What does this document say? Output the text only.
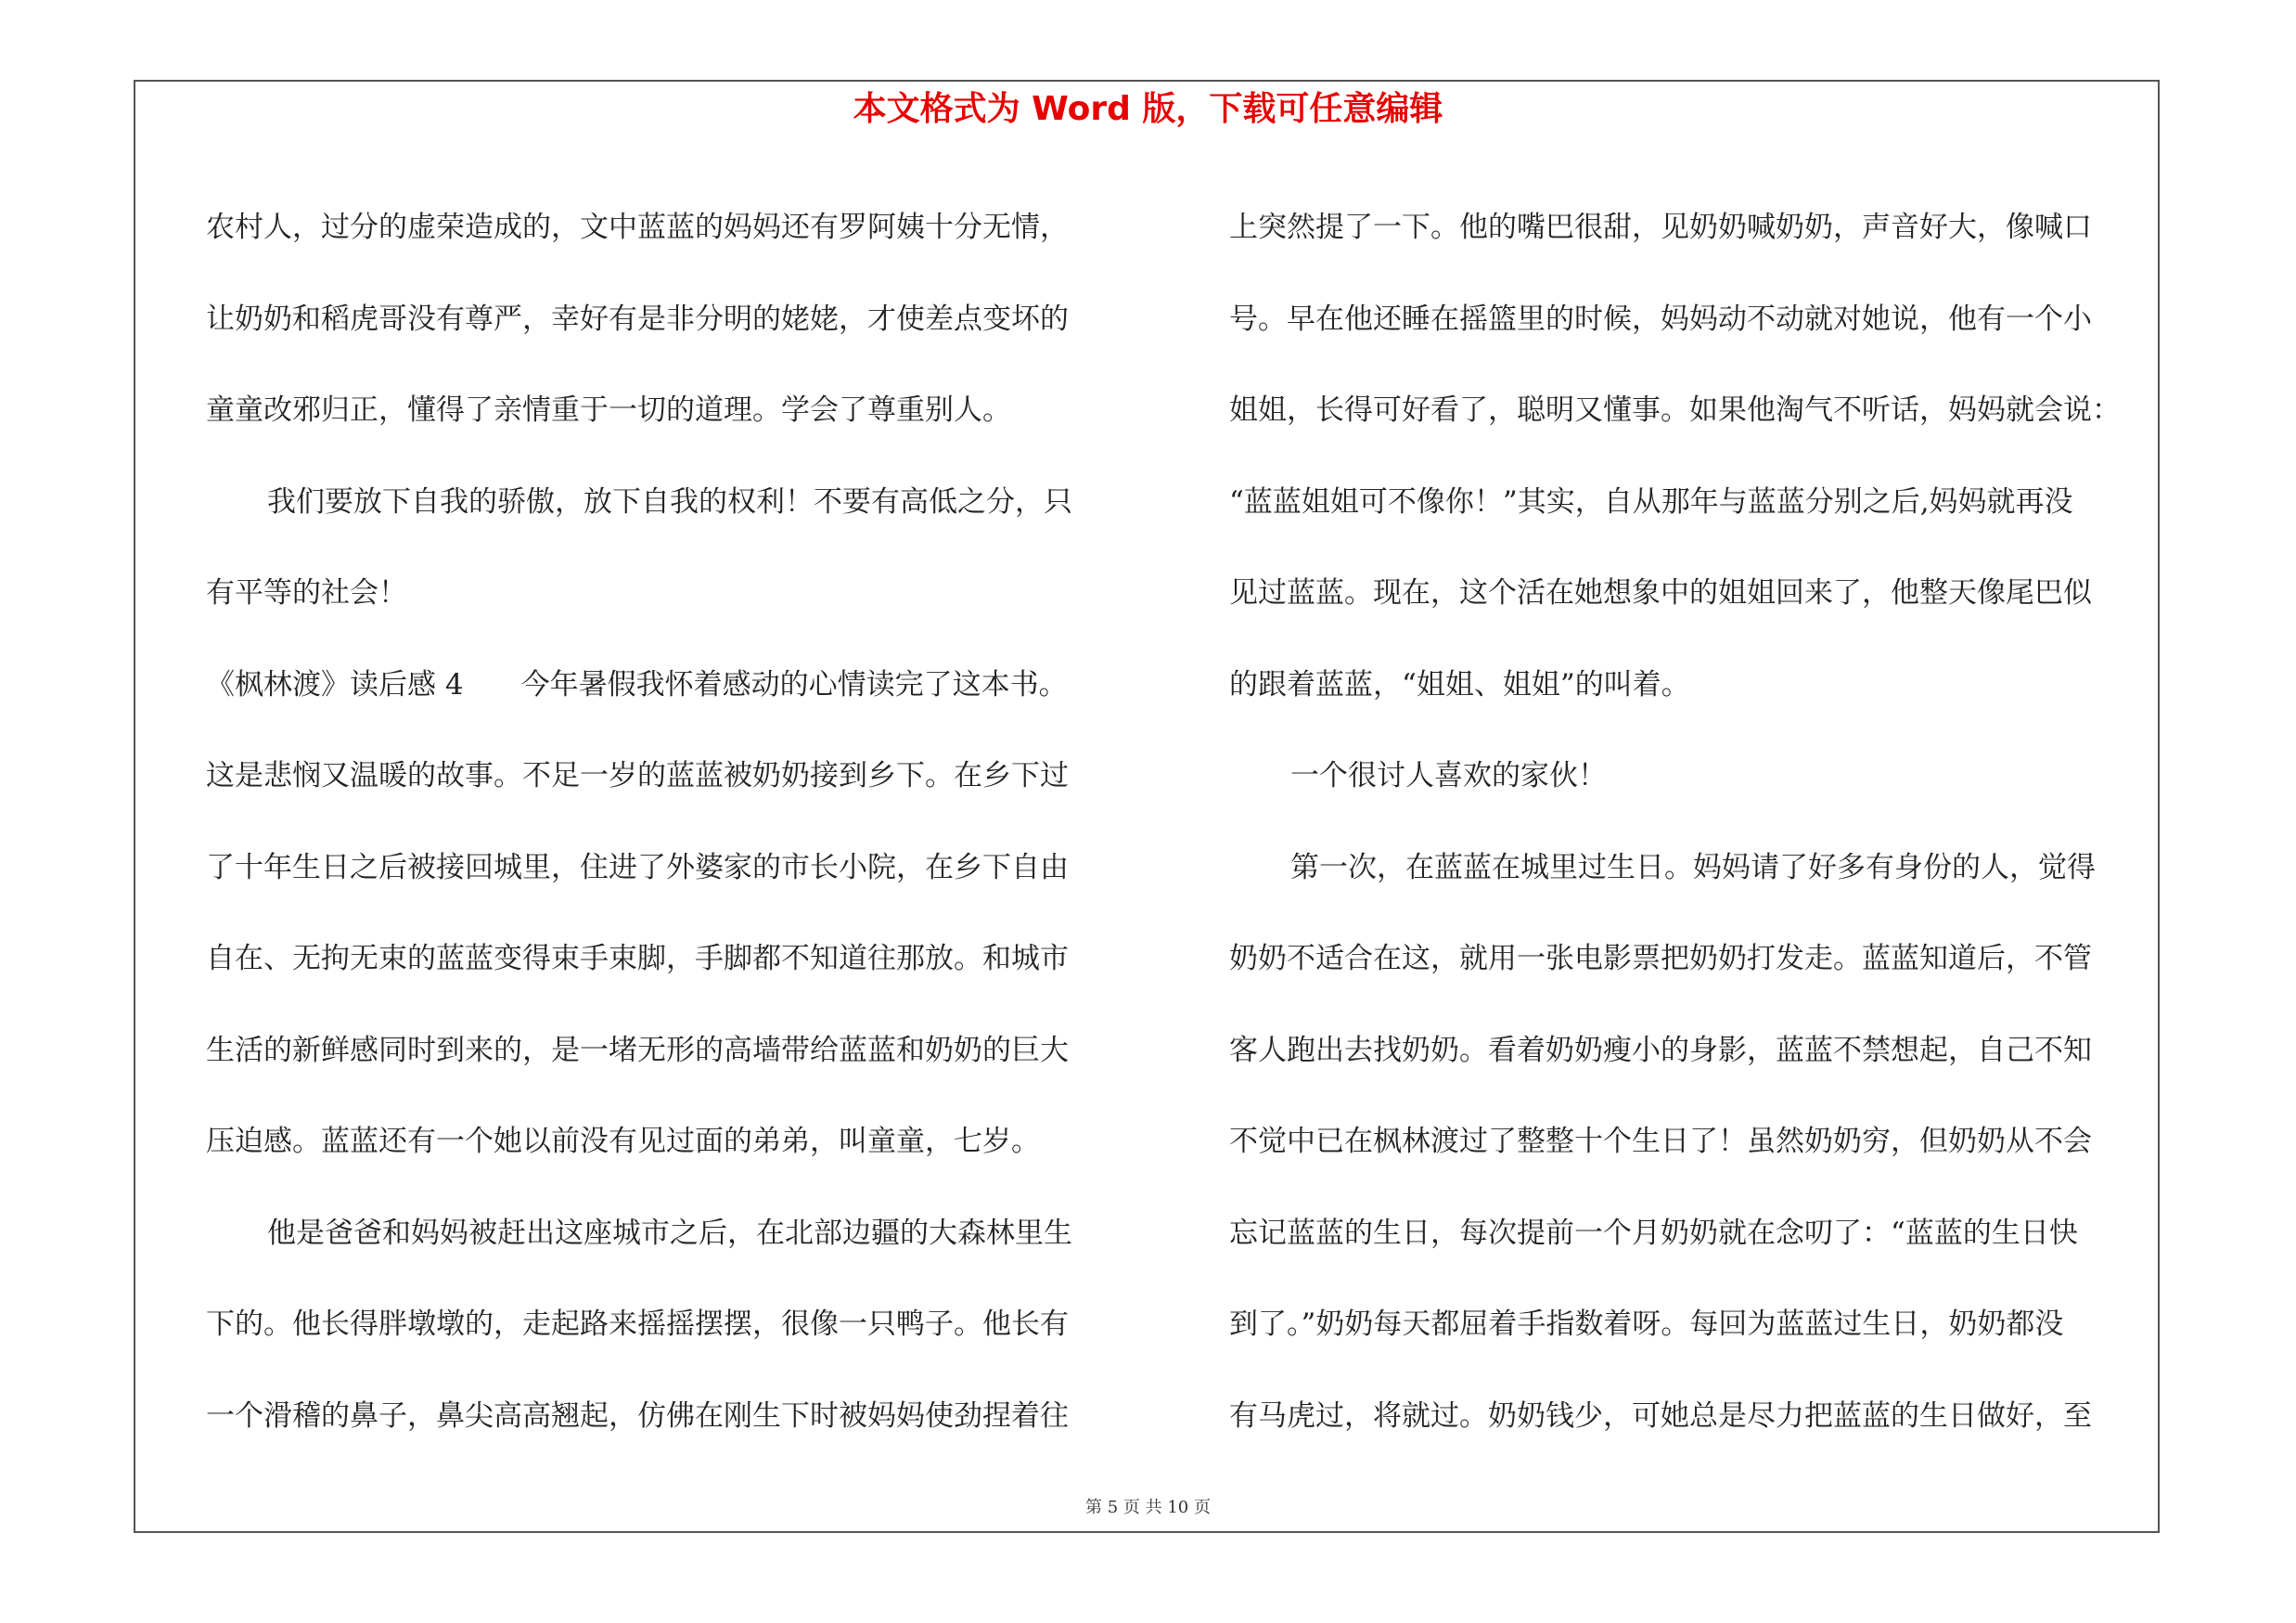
本文格式为 Word 版，下载可任意编辑
农村人，过分的虚荣造成的，文中蓝蓝的妈妈还有罗阿姨十分无情，
让奶奶和稻虎哥没有尊严，幸好有是非分明的姥姥，才使差点变坏的
童童改邪归正，懂得了亲情重于一切的道理。学会了尊重别人。
我们要放下自我的骄傲，放下自我的权利！不要有高低之分，只
有平等的社会！
《枫林渡》读后感 4　　今年暑假我怀着感动的心情读完了这本书。
这是悲悯又温暖的故事。不足一岁的蓝蓝被奶奶接到乡下。在乡下过
了十年生日之后被接回城里，住进了外婆家的市长小院，在乡下自由
自在、无拘无束的蓝蓝变得束手束脚，手脚都不知道往那放。和城市
生活的新鲜感同时到来的，是一堵无形的高墙带给蓝蓝和奶奶的巨大
压迫感。蓝蓝还有一个她以前没有见过面的弟弟，叫童童，七岁。
他是爸爸和妈妈被赶出这座城市之后，在北部边疆的大森林里生
下的。他长得胖墩墩的，走起路来摇摇摆摆，很像一只鸭子。他长有
一个滑稽的鼻子，鼻尖高高翘起，仿佛在刚生下时被妈妈使劲捏着往
上突然提了一下。他的嘴巴很甜，见奶奶喊奶奶，声音好大，像喊口
号。早在他还睡在摇篮里的时候，妈妈动不动就对她说，他有一个小
姐姐，长得可好看了，聪明又懂事。如果他淘气不听话，妈妈就会说：
“蓝蓝姐姐可不像你！”其实，自从那年与蓝蓝分别之后,妈妈就再没
见过蓝蓝。现在，这个活在她想象中的姐姐回来了，他整天像尾巴似
的跟着蓝蓝，“姐姐、姐姐”的叫着。
一个很讨人喜欢的家伙！
第一次，在蓝蓝在城里过生日。妈妈请了好多有身份的人，觉得
奶奶不适合在这，就用一张电影票把奶奶打发走。蓝蓝知道后，不管
客人跑出去找奶奶。看着奶奶瘦小的身影，蓝蓝不禁想起，自己不知
不觉中已在枫林渡过了整整十个生日了！虽然奶奶穷，但奶奶从不会
忘记蓝蓝的生日，每次提前一个月奶奶就在念叨了：“蓝蓝的生日快
到了。”奶奶每天都屈着手指数着呀。每回为蓝蓝过生日，奶奶都没
有马虎过，将就过。奶奶钱少，可她总是尽力把蓝蓝的生日做好，至
第 5 页 共 10 页
